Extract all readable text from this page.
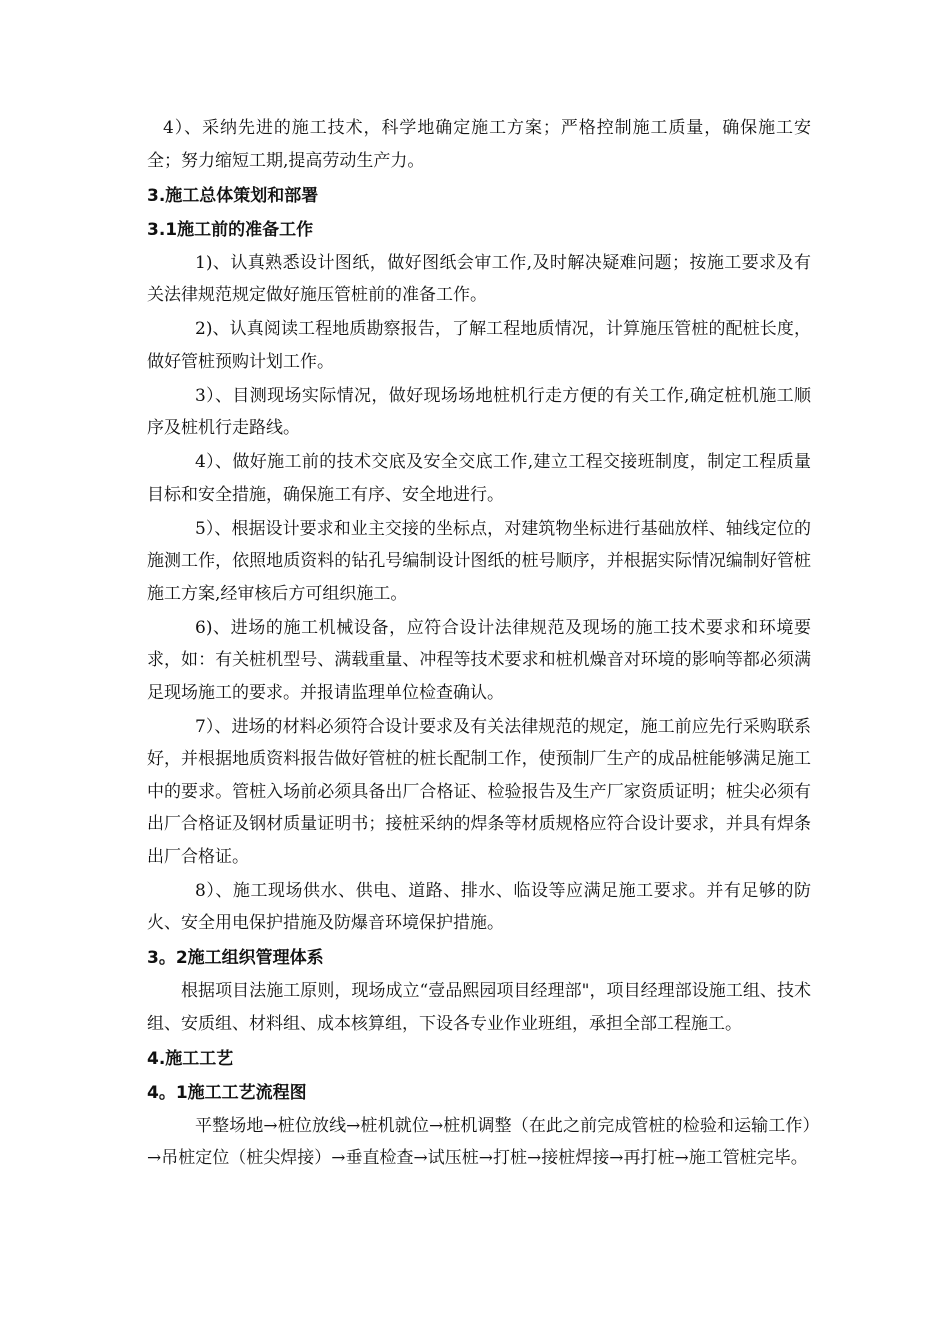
4）、采纳先进的施工技术，科学地确定施工方案；严格控制施工质量，确保施工安全；努力缩短工期,提高劳动生产力。

3.施工总体策划和部署
3.1施工前的准备工作

1)、认真熟悉设计图纸，做好图纸会审工作,及时解决疑难问题；按施工要求及有关法律规范规定做好施压管桩前的准备工作。

2)、认真阅读工程地质勘察报告，了解工程地质情况，计算施压管桩的配桩长度，做好管桩预购计划工作。

3）、目测现场实际情况，做好现场场地桩机行走方便的有关工作,确定桩机施工顺序及桩机行走路线。

4）、做好施工前的技术交底及安全交底工作,建立工程交接班制度，制定工程质量目标和安全措施，确保施工有序、安全地进行。

5）、根据设计要求和业主交接的坐标点，对建筑物坐标进行基础放样、轴线定位的施测工作，依照地质资料的钻孔号编制设计图纸的桩号顺序，并根据实际情况编制好管桩施工方案,经审核后方可组织施工。

6)、进场的施工机械设备，应符合设计法律规范及现场的施工技术要求和环境要求，如：有关桩机型号、满载重量、冲程等技术要求和桩机燥音对环境的影响等都必须满足现场施工的要求。并报请监理单位检查确认。

7）、进场的材料必须符合设计要求及有关法律规范的规定，施工前应先行采购联系好，并根据地质资料报告做好管桩的桩长配制工作，使预制厂生产的成品桩能够满足施工中的要求。管桩入场前必须具备出厂合格证、检验报告及生产厂家资质证明；桩尖必须有出厂合格证及钢材质量证明书；接桩采纳的焊条等材质规格应符合设计要求，并具有焊条出厂合格证。

8）、施工现场供水、供电、道路、排水、临设等应满足施工要求。并有足够的防火、安全用电保护措施及防爆音环境保护措施。

3。2施工组织管理体系

根据项目法施工原则，现场成立“壹品熙园项目经理部"，项目经理部设施工组、技术组、安质组、材料组、成本核算组，下设各专业作业班组，承担全部工程施工。

4.施工工艺
4。1施工工艺流程图

平整场地→桩位放线→桩机就位→桩机调整（在此之前完成管桩的检验和运输工作）→吊桩定位（桩尖焊接）→垂直检查→试压桩→打桩→接桩焊接→再打桩→施工管桩完毕。
